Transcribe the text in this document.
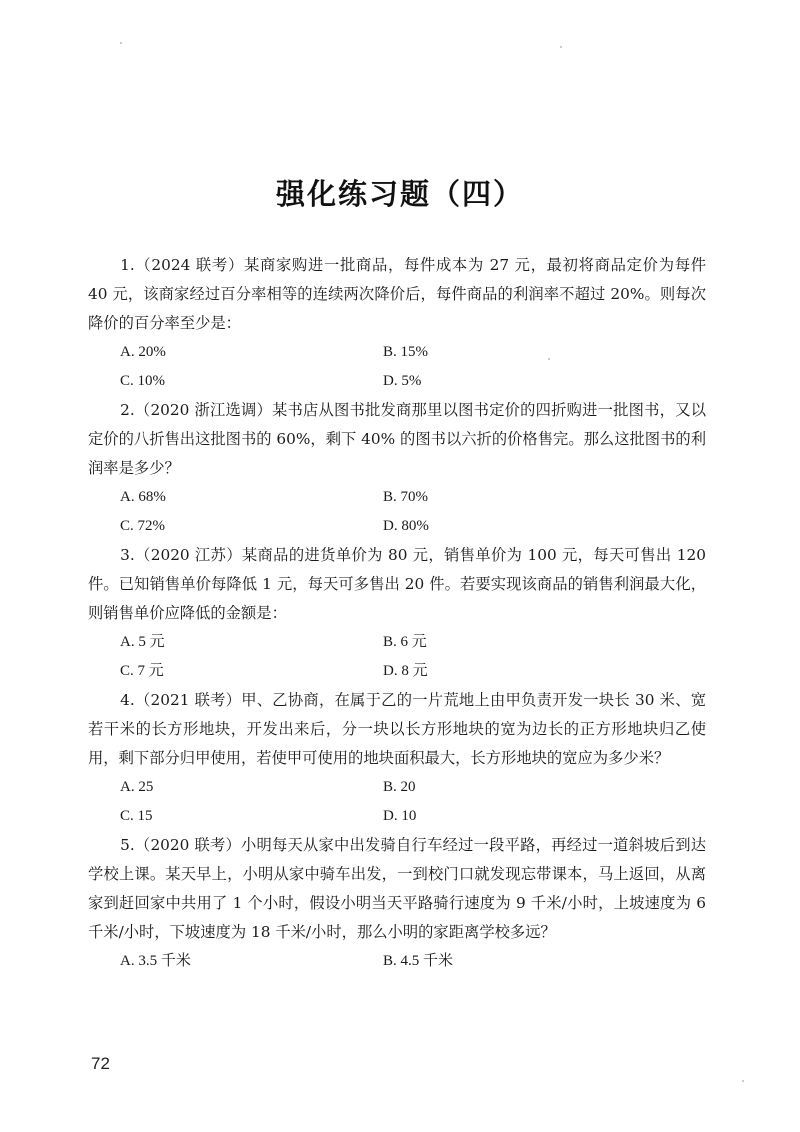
强化练习题（四）

1.（2024 联考）某商家购进一批商品，每件成本为 27 元，最初将商品定价为每件 40 元，该商家经过百分率相等的连续两次降价后，每件商品的利润率不超过 20%。则每次降价的百分率至少是：

A. 20%	B. 15%
C. 10%	D. 5%

2.（2020 浙江选调）某书店从图书批发商那里以图书定价的四折购进一批图书，又以定价的八折售出这批图书的 60%，剩下 40% 的图书以六折的价格售完。那么这批图书的利润率是多少？

A. 68%	B. 70%
C. 72%	D. 80%

3.（2020 江苏）某商品的进货单价为 80 元，销售单价为 100 元，每天可售出 120 件。已知销售单价每降低 1 元，每天可多售出 20 件。若要实现该商品的销售利润最大化，则销售单价应降低的金额是：

A. 5 元	B. 6 元
C. 7 元	D. 8 元

4.（2021 联考）甲、乙协商，在属于乙的一片荒地上由甲负责开发一块长 30 米、宽若干米的长方形地块，开发出来后，分一块以长方形地块的宽为边长的正方形地块归乙使用，剩下部分归甲使用，若使甲可使用的地块面积最大，长方形地块的宽应为多少米？

A. 25	B. 20
C. 15	D. 10

5.（2020 联考）小明每天从家中出发骑自行车经过一段平路，再经过一道斜坡后到达学校上课。某天早上，小明从家中骑车出发，一到校门口就发现忘带课本，马上返回，从离家到赶回家中共用了 1 个小时，假设小明当天平路骑行速度为 9 千米/小时，上坡速度为 6 千米/小时，下坡速度为 18 千米/小时，那么小明的家距离学校多远？

A. 3.5 千米	B. 4.5 千米
72
